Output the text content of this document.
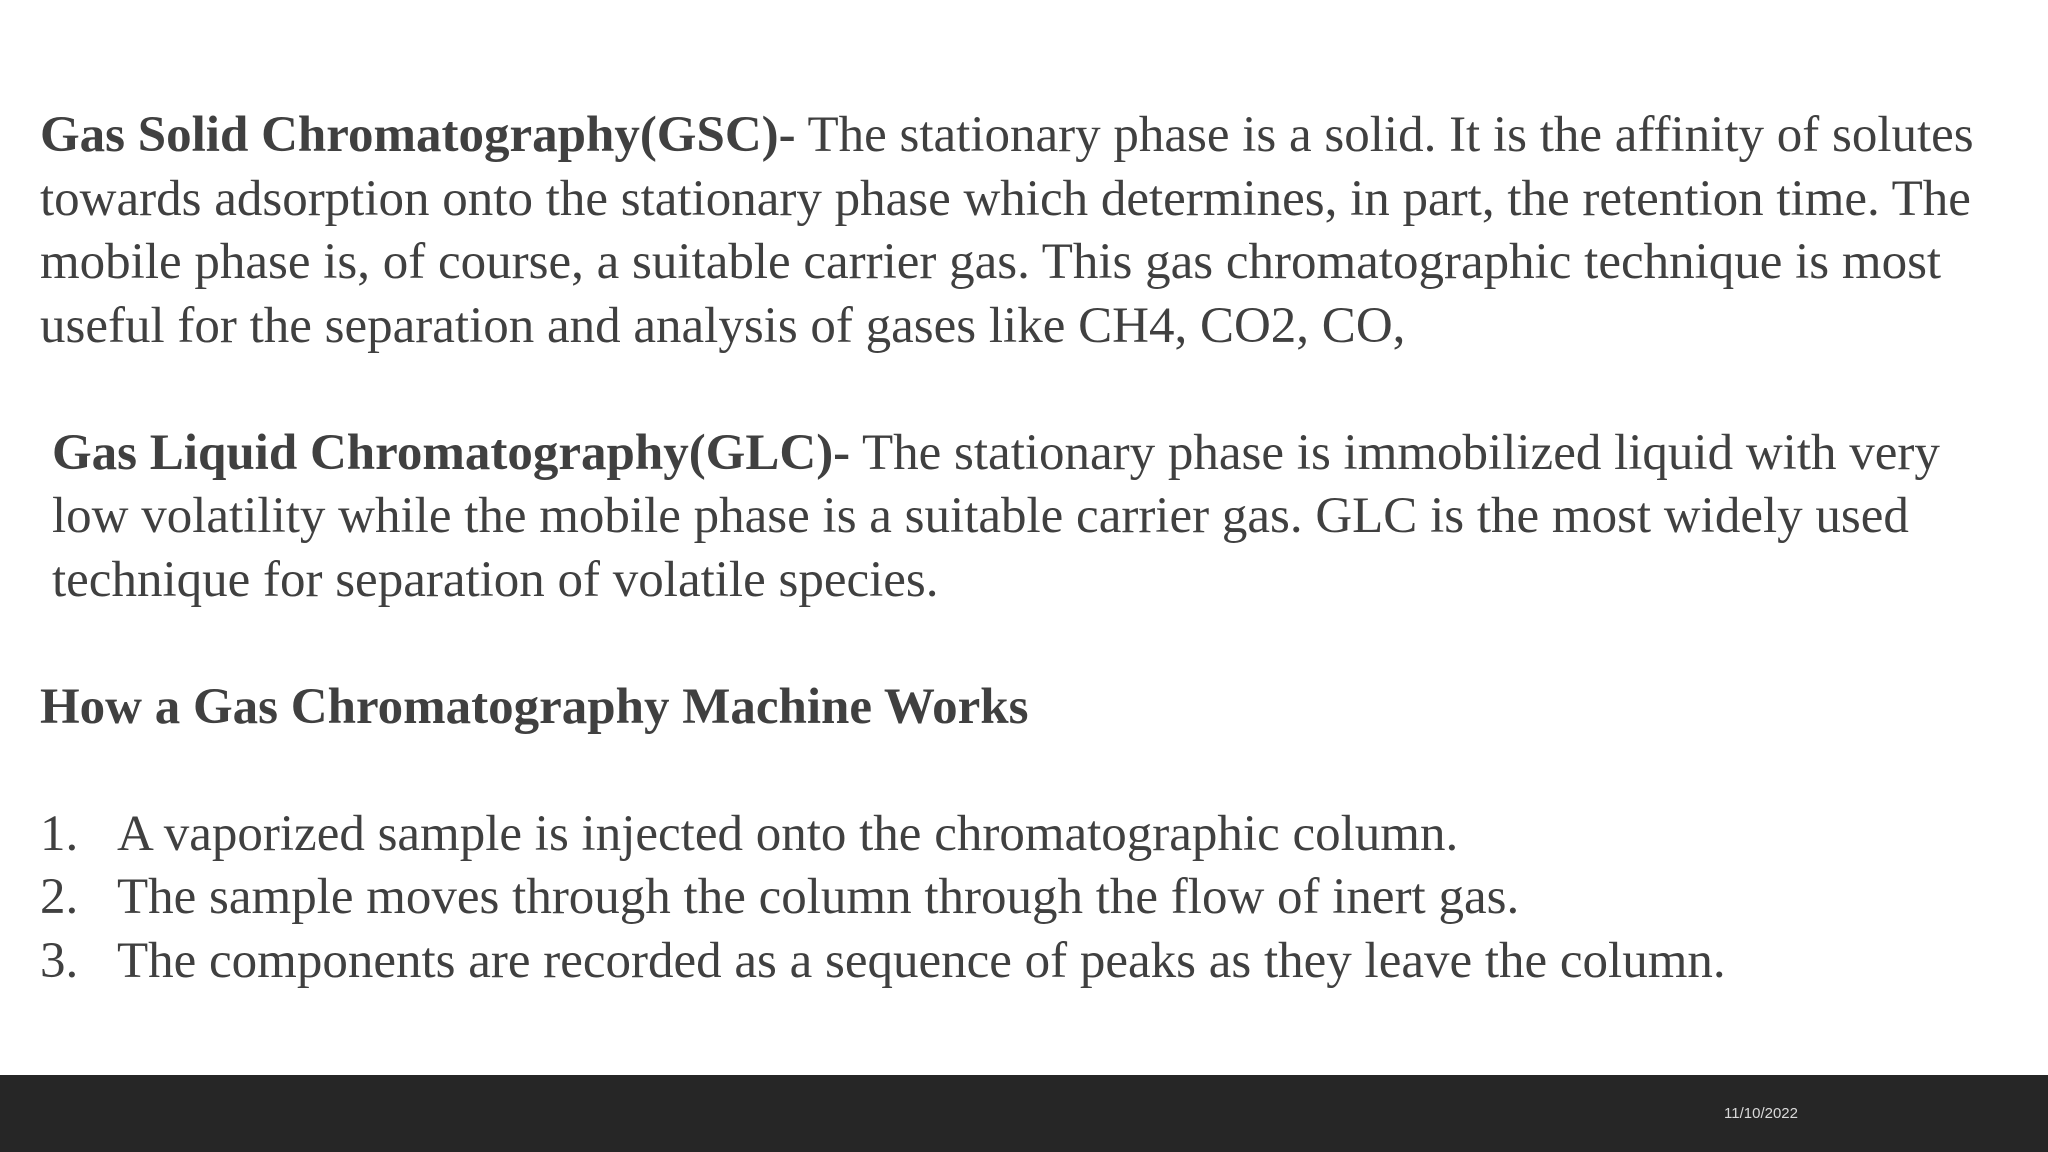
Gas Solid Chromatography(GSC)- The stationary phase is a solid. It is the affinity of solutes towards adsorption onto the stationary phase which determines, in part, the retention time. The mobile phase is, of course, a suitable carrier gas. This gas chromatographic technique is most useful for the separation and analysis of gases like CH4, CO2, CO,

Gas Liquid Chromatography(GLC)- The stationary phase is immobilized liquid with very low volatility while the mobile phase is a suitable carrier gas. GLC is the most widely used technique for separation of volatile species.

How a Gas Chromatography Machine Works
1. A vaporized sample is injected onto the chromatographic column.
2. The sample moves through the column through the flow of inert gas.
3. The components are recorded as a sequence of peaks as they leave the column.
11/10/2022
